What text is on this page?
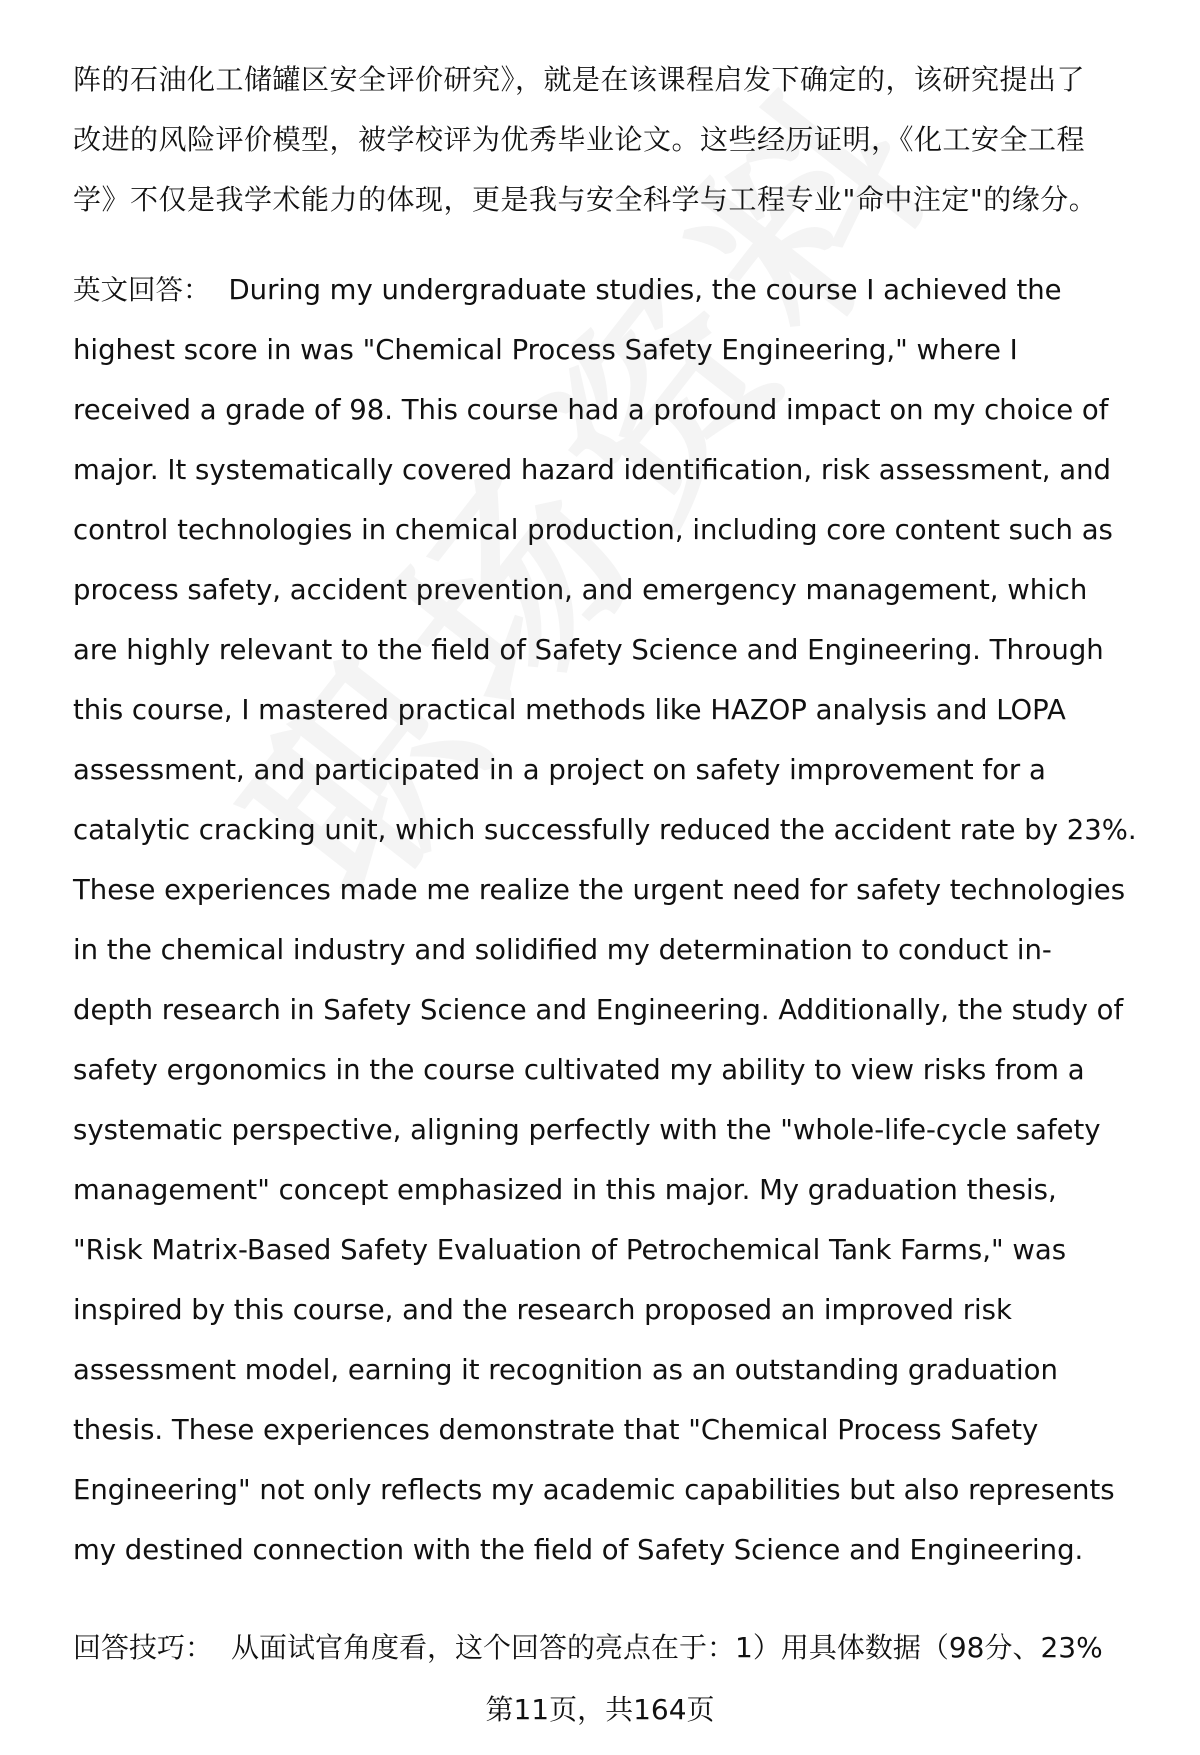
阵的石油化工储罐区安全评价研究》，就是在该课程启发下确定的，该研究提出了
改进的风险评价模型，被学校评为优秀毕业论文。这些经历证明，《化工安全工程
学》不仅是我学术能力的体现，更是我与安全科学与工程专业"命中注定"的缘分。

英文回答： During my undergraduate studies, the course I achieved the
highest score in was "Chemical Process Safety Engineering," where I
received a grade of 98. This course had a profound impact on my choice of
major. It systematically covered hazard identification, risk assessment, and
control technologies in chemical production, including core content such as
process safety, accident prevention, and emergency management, which
are highly relevant to the field of Safety Science and Engineering. Through
this course, I mastered practical methods like HAZOP analysis and LOPA
assessment, and participated in a project on safety improvement for a
catalytic cracking unit, which successfully reduced the accident rate by 23%.
These experiences made me realize the urgent need for safety technologies
in the chemical industry and solidified my determination to conduct in-
depth research in Safety Science and Engineering. Additionally, the study of
safety ergonomics in the course cultivated my ability to view risks from a
systematic perspective, aligning perfectly with the "whole-life-cycle safety
management" concept emphasized in this major. My graduation thesis,
"Risk Matrix-Based Safety Evaluation of Petrochemical Tank Farms," was
inspired by this course, and the research proposed an improved risk
assessment model, earning it recognition as an outstanding graduation
thesis. These experiences demonstrate that "Chemical Process Safety
Engineering" not only reflects my academic capabilities but also represents
my destined connection with the field of Safety Science and Engineering.

回答技巧： 从面试官角度看，这个回答的亮点在于：1）用具体数据（98分、23%

第11页，共164页
